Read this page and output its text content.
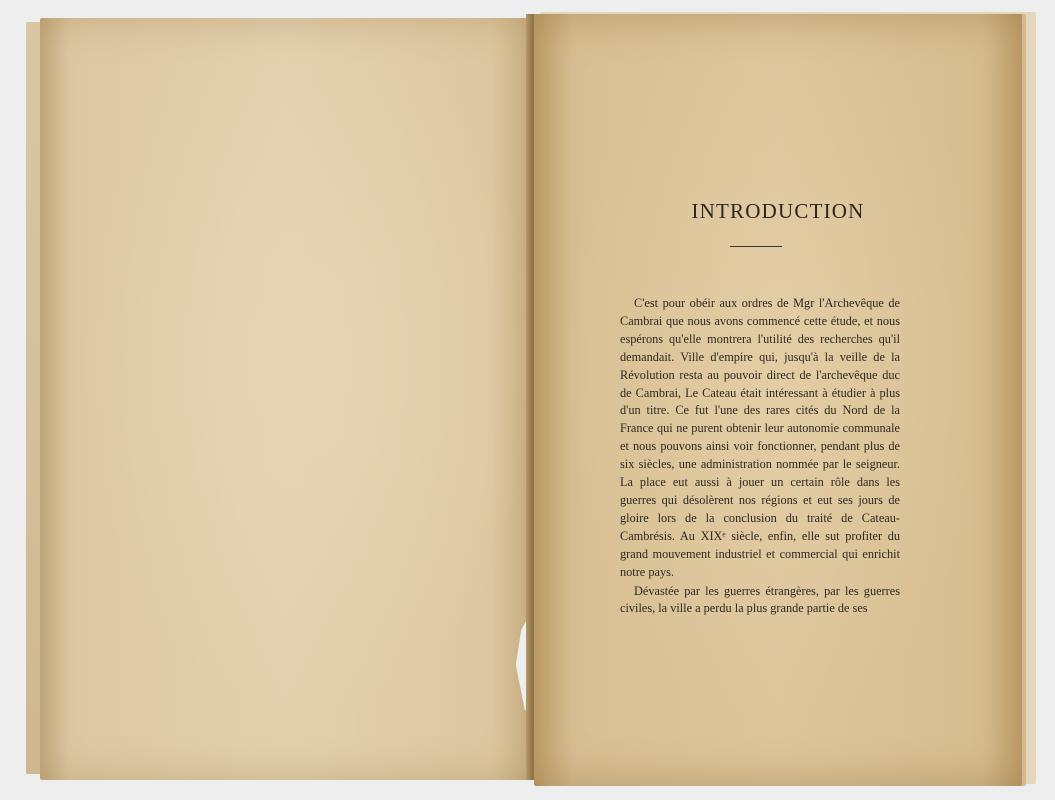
INTRODUCTION

C'est pour obéir aux ordres de Mgr l'Archevêque de Cambrai que nous avons commencé cette étude, et nous espérons qu'elle montrera l'utilité des recherches qu'il demandait. Ville d'empire qui, jusqu'à la veille de la Révolution resta au pouvoir direct de l'archevêque duc de Cambrai, Le Cateau était intéressant à étudier à plus d'un titre. Ce fut l'une des rares cités du Nord de la France qui ne purent obtenir leur autonomie communale et nous pouvons ainsi voir fonctionner, pendant plus de six siècles, une administration nommée par le seigneur. La place eut aussi à jouer un certain rôle dans les guerres qui désolèrent nos régions et eut ses jours de gloire lors de la conclusion du traité de Cateau-Cambrésis. Au XIXᵉ siècle, enfin, elle sut profiter du grand mouvement industriel et commercial qui enrichit notre pays.

Dévastée par les guerres étrangères, par les guerres civiles, la ville a perdu la plus grande partie de ses
